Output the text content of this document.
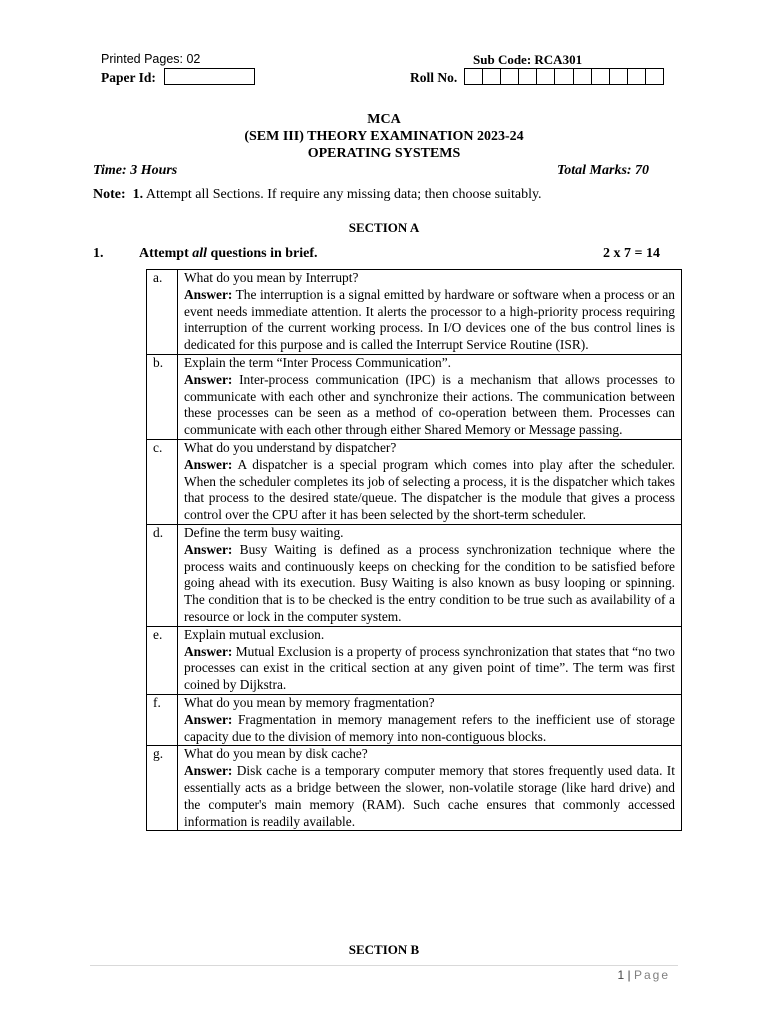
Printed Pages: 02	Sub Code: RCA301
Paper Id:	Roll No.
MCA
(SEM III) THEORY EXAMINATION 2023-24
OPERATING SYSTEMS
Time: 3 Hours	Total Marks: 70
Note: 1. Attempt all Sections. If require any missing data; then choose suitably.
SECTION A
1.	Attempt all questions in brief.	2 x 7 = 14
a.	What do you mean by Interrupt?
Answer: The interruption is a signal emitted by hardware or software when a process or an event needs immediate attention. It alerts the processor to a high-priority process requiring interruption of the current working process. In I/O devices one of the bus control lines is dedicated for this purpose and is called the Interrupt Service Routine (ISR).

b.	Explain the term “Inter Process Communication”.
Answer: Inter-process communication (IPC) is a mechanism that allows processes to communicate with each other and synchronize their actions. The communication between these processes can be seen as a method of co-operation between them. Processes can communicate with each other through either Shared Memory or Message passing.

c.	What do you understand by dispatcher?
Answer: A dispatcher is a special program which comes into play after the scheduler. When the scheduler completes its job of selecting a process, it is the dispatcher which takes that process to the desired state/queue. The dispatcher is the module that gives a process control over the CPU after it has been selected by the short-term scheduler.

d.	Define the term busy waiting.
Answer: Busy Waiting is defined as a process synchronization technique where the process waits and continuously keeps on checking for the condition to be satisfied before going ahead with its execution. Busy Waiting is also known as busy looping or spinning. The condition that is to be checked is the entry condition to be true such as availability of a resource or lock in the computer system.

e.	Explain mutual exclusion.
Answer: Mutual Exclusion is a property of process synchronization that states that “no two processes can exist in the critical section at any given point of time”. The term was first coined by Dijkstra.

f.	What do you mean by memory fragmentation?
Answer: Fragmentation in memory management refers to the inefficient use of storage capacity due to the division of memory into non-contiguous blocks.

g.	What do you mean by disk cache?
Answer: Disk cache is a temporary computer memory that stores frequently used data. It essentially acts as a bridge between the slower, non-volatile storage (like hard drive) and the computer's main memory (RAM). Such cache ensures that commonly accessed information is readily available.
SECTION B
1 | Page
